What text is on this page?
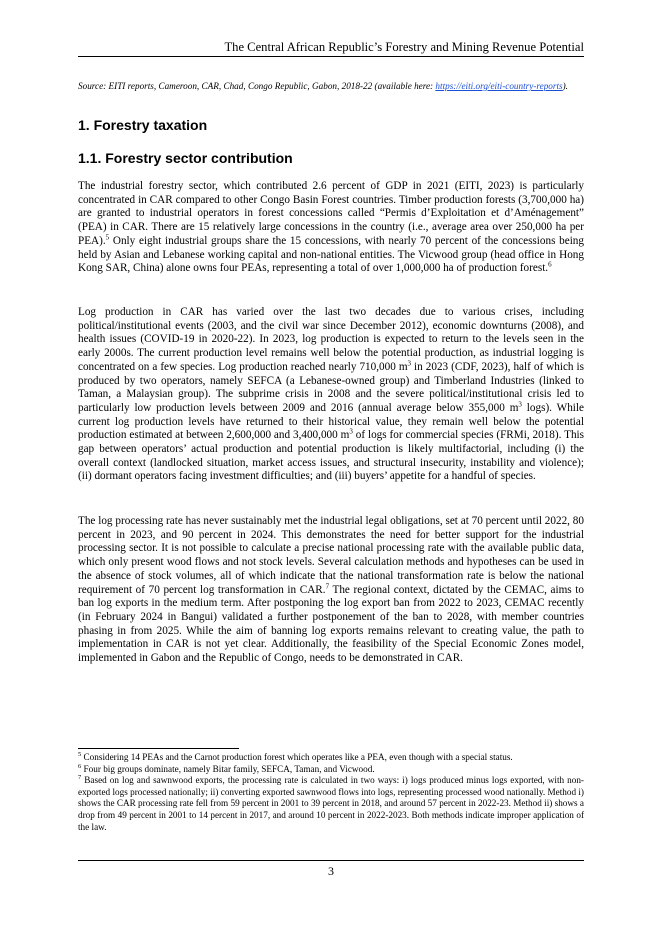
The Central African Republic’s Forestry and Mining Revenue Potential
Source: EITI reports, Cameroon, CAR, Chad, Congo Republic, Gabon, 2018-22 (available here: https://eiti.org/eiti-country-reports).
1. Forestry taxation
1.1. Forestry sector contribution

The industrial forestry sector, which contributed 2.6 percent of GDP in 2021 (EITI, 2023) is particularly concentrated in CAR compared to other Congo Basin Forest countries. Timber production forests (3,700,000 ha) are granted to industrial operators in forest concessions called “Permis d’Exploitation et d’Aménagement” (PEA) in CAR. There are 15 relatively large concessions in the country (i.e., average area over 250,000 ha per PEA).$^5$ Only eight industrial groups share the 15 concessions, with nearly 70 percent of the concessions being held by Asian and Lebanese working capital and non-national entities. The Vicwood group (head office in Hong Kong SAR, China) alone owns four PEAs, representing a total of over 1,000,000 ha of production forest.$^6$

Log production in CAR has varied over the last two decades due to various crises, including political/institutional events (2003, and the civil war since December 2012), economic downturns (2008), and health issues (COVID-19 in 2020-22). In 2023, log production is expected to return to the levels seen in the early 2000s. The current production level remains well below the potential production, as industrial logging is concentrated on a few species. Log production reached nearly 710,000 $m^3$ in 2023 (CDF, 2023), half of which is produced by two operators, namely SEFCA (a Lebanese-owned group) and Timberland Industries (linked to Taman, a Malaysian group). The subprime crisis in 2008 and the severe political/institutional crisis led to particularly low production levels between 2009 and 2016 (annual average below 355,000 $m^3$ logs). While current log production levels have returned to their historical value, they remain well below the potential production estimated at between 2,600,000 and 3,400,000 $m^3$ of logs for commercial species (FRMi, 2018). This gap between operators’ actual production and potential production is likely multifactorial, including (i) the overall context (landlocked situation, market access issues, and structural insecurity, instability and violence); (ii) dormant operators facing investment difficulties; and (iii) buyers’ appetite for a handful of species.

The log processing rate has never sustainably met the industrial legal obligations, set at 70 percent until 2022, 80 percent in 2023, and 90 percent in 2024. This demonstrates the need for better support for the industrial processing sector. It is not possible to calculate a precise national processing rate with the available public data, which only present wood flows and not stock levels. Several calculation methods and hypotheses can be used in the absence of stock volumes, all of which indicate that the national transformation rate is below the national requirement of 70 percent log transformation in CAR.$^7$ The regional context, dictated by the CEMAC, aims to ban log exports in the medium term. After postponing the log export ban from 2022 to 2023, CEMAC recently (in February 2024 in Bangui) validated a further postponement of the ban to 2028, with member countries phasing in from 2025. While the aim of banning log exports remains relevant to creating value, the path to implementation in CAR is not yet clear. Additionally, the feasibility of the Special Economic Zones model, implemented in Gabon and the Republic of Congo, needs to be demonstrated in CAR.

$^5$ Considering 14 PEAs and the Carnot production forest which operates like a PEA, even though with a special status.

$^6$ Four big groups dominate, namely Bitar family, SEFCA, Taman, and Vicwood.

$^7$ Based on log and sawnwood exports, the processing rate is calculated in two ways: i) logs produced minus logs exported, with non-exported logs processed nationally; ii) converting exported sawnwood flows into logs, representing processed wood nationally. Method i) shows the CAR processing rate fell from 59 percent in 2001 to 39 percent in 2018, and around 57 percent in 2022-23. Method ii) shows a drop from 49 percent in 2001 to 14 percent in 2017, and around 10 percent in 2022-2023. Both methods indicate improper application of the law.

3
